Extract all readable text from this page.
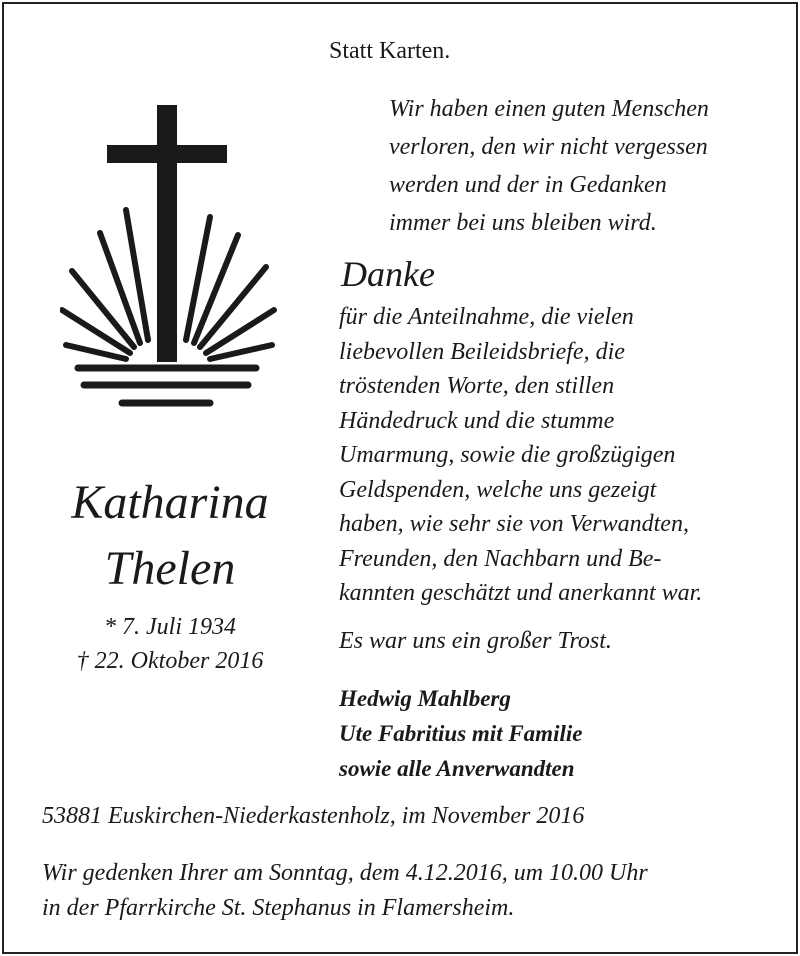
Statt Karten.
Wir haben einen guten Menschen
verloren, den wir nicht vergessen
werden und der in Gedanken
immer bei uns bleiben wird.
Katharina
Thelen
* 7. Juli 1934
† 22. Oktober 2016
Danke
für die Anteilnahme, die vielen
liebevollen Beileidsbriefe, die
tröstenden Worte, den stillen
Händedruck und die stumme
Umarmung, sowie die großzügigen
Geldspenden, welche uns gezeigt
haben, wie sehr sie von Verwandten,
Freunden, den Nachbarn und Be-
kannten geschätzt und anerkannt war.
Es war uns ein großer Trost.
Hedwig Mahlberg
Ute Fabritius mit Familie
sowie alle Anverwandten
53881 Euskirchen-Niederkastenholz, im November 2016
Wir gedenken Ihrer am Sonntag, dem 4.12.2016, um 10.00 Uhr
in der Pfarrkirche St. Stephanus in Flamersheim.
